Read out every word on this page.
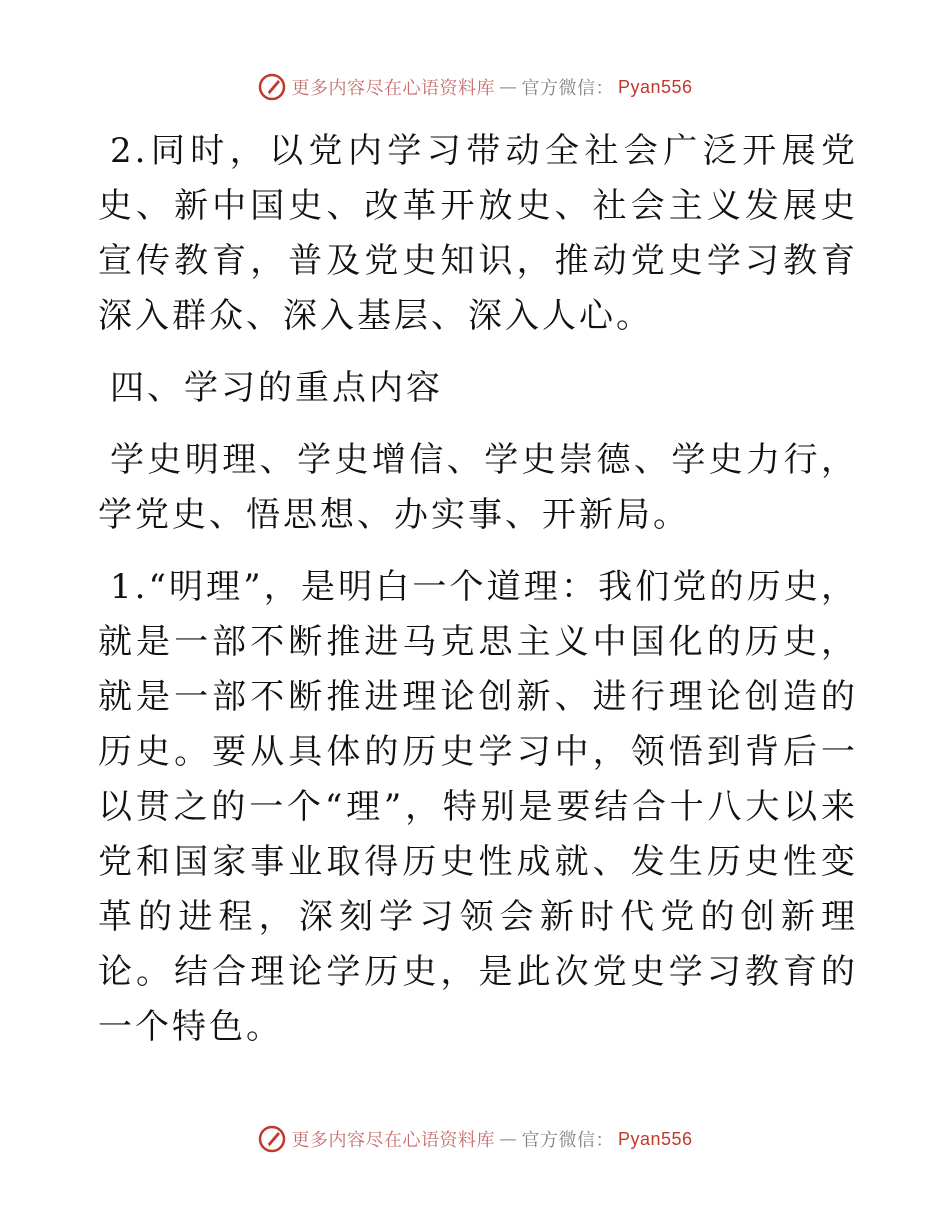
更多内容尽在心语资料库 — 官方微信： Pyan556

2.同时，以党内学习带动全社会广泛开展党史、新中国史、改革开放史、社会主义发展史宣传教育，普及党史知识，推动党史学习教育深入群众、深入基层、深入人心。

四、学习的重点内容

学史明理、学史增信、学史崇德、学史力行，学党史、悟思想、办实事、开新局。

1.“明理”，是明白一个道理：我们党的历史，就是一部不断推进马克思主义中国化的历史，就是一部不断推进理论创新、进行理论创造的历史。要从具体的历史学习中，领悟到背后一以贯之的一个“理”，特别是要结合十八大以来党和国家事业取得历史性成就、发生历史性变革的进程，深刻学习领会新时代党的创新理论。结合理论学历史，是此次党史学习教育的一个特色。

更多内容尽在心语资料库 — 官方微信： Pyan556
